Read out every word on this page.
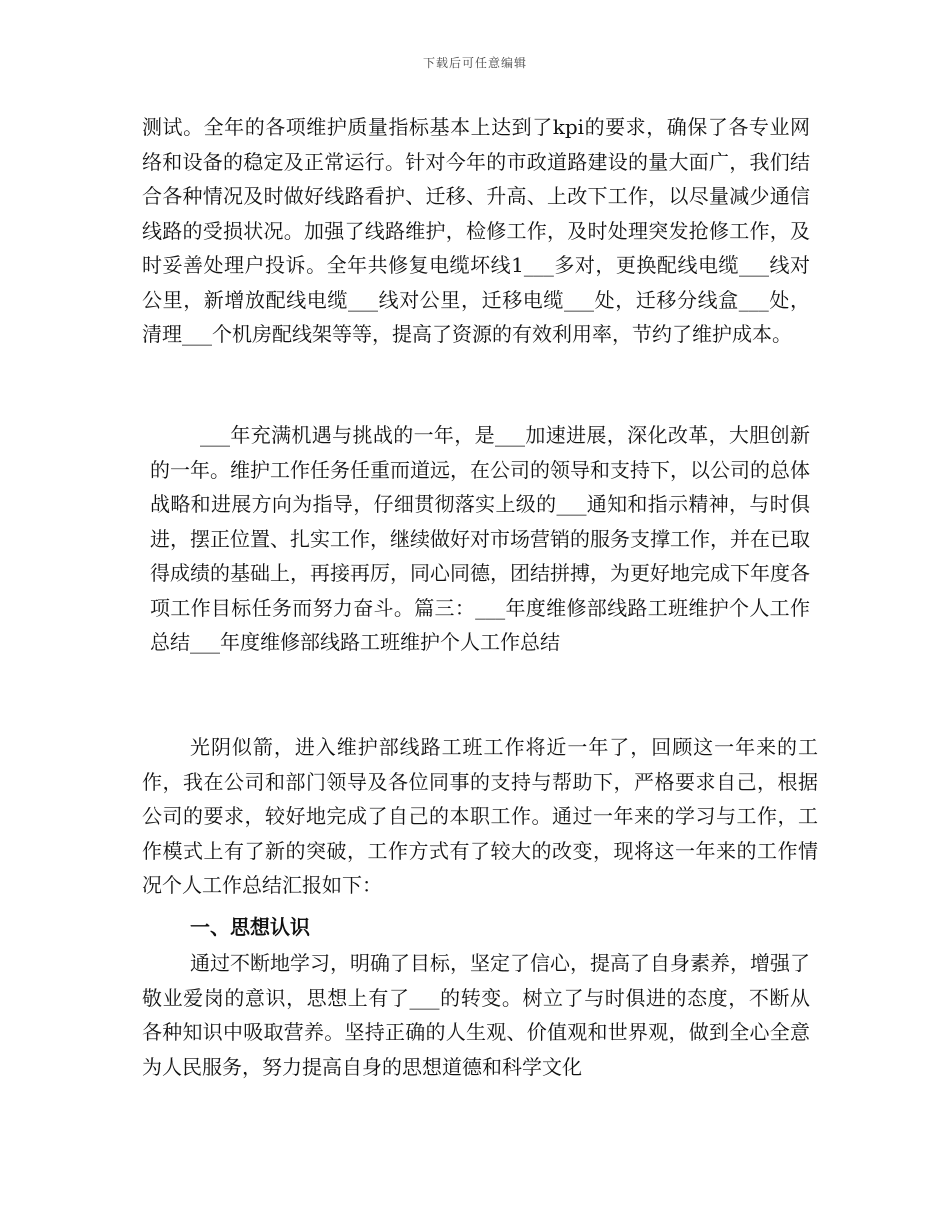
下载后可任意编辑

测试。全年的各项维护质量指标基本上达到了kpi的要求，确保了各专业网络和设备的稳定及正常运行。针对今年的市政道路建设的量大面广，我们结合各种情况及时做好线路看护、迁移、升高、上改下工作，以尽量减少通信线路的受损状况。加强了线路维护，检修工作，及时处理突发抢修工作，及时妥善处理户投诉。全年共修复电缆坏线1___多对，更换配线电缆___线对公里，新增放配线电缆___线对公里，迁移电缆___处，迁移分线盒___处，清理___个机房配线架等等，提高了资源的有效利用率，节约了维护成本。

___年充满机遇与挑战的一年，是___加速进展，深化改革，大胆创新的一年。维护工作任务任重而道远，在公司的领导和支持下，以公司的总体战略和进展方向为指导，仔细贯彻落实上级的___通知和指示精神，与时俱进，摆正位置、扎实工作，继续做好对市场营销的服务支撑工作，并在已取得成绩的基础上，再接再厉，同心同德，团结拼搏，为更好地完成下年度各项工作目标任务而努力奋斗。篇三：___年度维修部线路工班维护个人工作总结___年度维修部线路工班维护个人工作总结

光阴似箭，进入维护部线路工班工作将近一年了，回顾这一年来的工作，我在公司和部门领导及各位同事的支持与帮助下，严格要求自己，根据公司的要求，较好地完成了自己的本职工作。通过一年来的学习与工作，工作模式上有了新的突破，工作方式有了较大的改变，现将这一年来的工作情况个人工作总结汇报如下：

一、思想认识

通过不断地学习，明确了目标，坚定了信心，提高了自身素养，增强了敬业爱岗的意识，思想上有了___的转变。树立了与时俱进的态度，不断从各种知识中吸取营养。坚持正确的人生观、价值观和世界观，做到全心全意为人民服务，努力提高自身的思想道德和科学文化
